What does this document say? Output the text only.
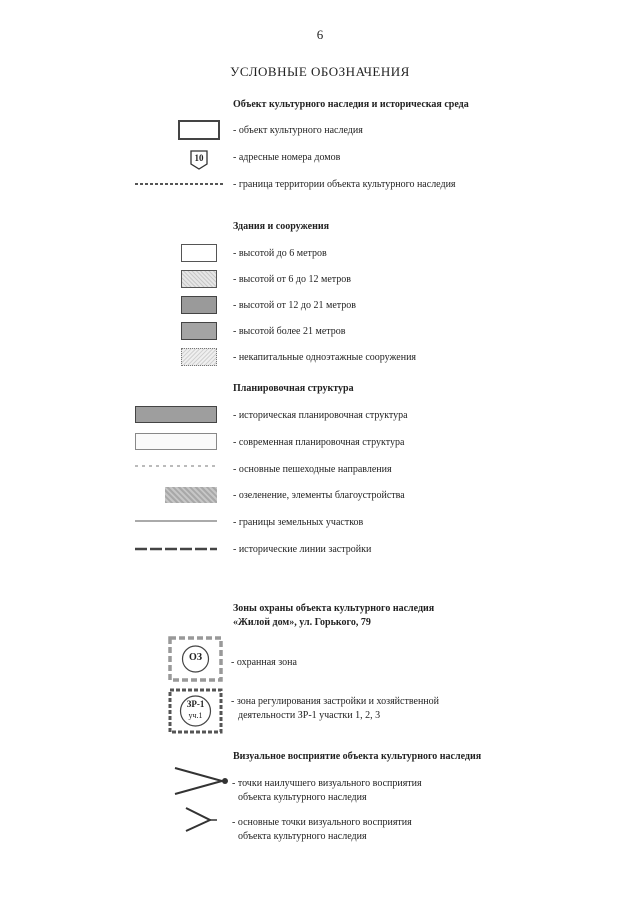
6
УСЛОВНЫЕ ОБОЗНАЧЕНИЯ
Объект культурного наследия и историческая среда
- объект культурного наследия
10	- адресные номера домов
- граница территории объекта культурного наследия
Здания и сооружения
- высотой до 6 метров
- высотой от 6 до 12 метров
- высотой от 12 до 21 метров
- высотой более 21 метров
- некапитальные одноэтажные сооружения
Планировочная структура
- историческая планировочная структура
- современная планировочная структура
- основные пешеходные направления
- озеленение, элементы благоустройства
- границы земельных участков
- исторические линии застройки
Зоны охраны объекта культурного наследия
«Жилой дом», ул. Горького, 79
ОЗ	- охранная зона
ЗР-1
уч.1
- зона регулирования застройки и хозяйственной
деятельности ЗР-1 участки 1, 2, 3
Визуальное восприятие объекта культурного наследия
- точки наилучшего визуального восприятия
объекта культурного наследия
- основные точки визуального восприятия
объекта культурного наследия
